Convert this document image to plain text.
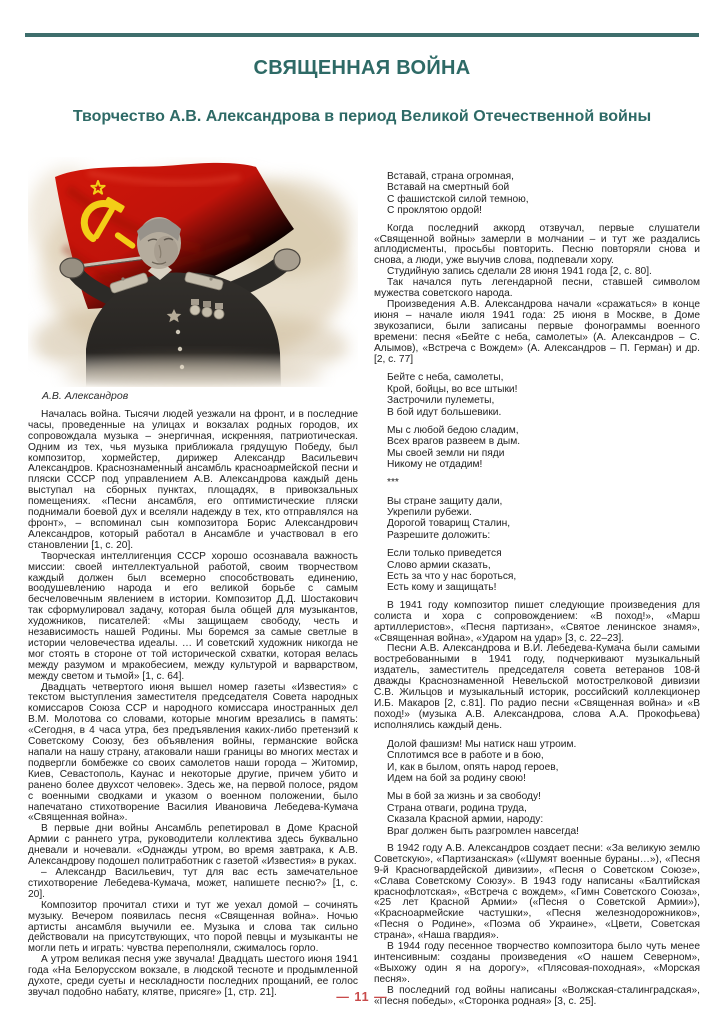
СВЯЩЕННАЯ ВОЙНА
Творчество А.В. Александрова в период Великой Отечественной войны
А.В. Александров

Началась война. Тысячи людей уезжали на фронт, и в последние часы, проведенные на улицах и вокзалах родных городов, их сопровождала музыка – энергичная, искренняя, патриотическая. Одним из тех, чья музыка приближала грядущую Победу, был композитор, хормейстер, дирижер Александр Васильевич Александров. Краснознаменный ансамбль красноармейской песни и пляски СССР под управлением А.В. Александрова каждый день выступал на сборных пунктах, площадях, в привокзальных помещениях. «Песни ансамбля, его оптимистические пляски поднимали боевой дух и вселяли надежду в тех, кто отправлялся на фронт», – вспоминал сын композитора Борис Александрович Александров, который работал в Ансамбле и участвовал в его становлении [1, с. 20].

Творческая интеллигенция СССР хорошо осознавала важность миссии: своей интеллектуальной работой, своим творчеством каждый должен был всемерно способствовать единению, воодушевлению народа и его великой борьбе с самым бесчеловечным явлением в истории. Композитор Д.Д. Шостакович так сформулировал задачу, которая была общей для музыкантов, художников, писателей: «Мы защищаем свободу, честь и независимость нашей Родины. Мы боремся за самые светлые в истории человечества идеалы. … И советский художник никогда не мог стоять в стороне от той исторической схватки, которая велась между разумом и мракобесием, между культурой и варварством, между светом и тьмой» [1, с. 64].

Двадцать четвертого июня вышел номер газеты «Известия» с текстом выступления заместителя председателя Совета народных комиссаров Союза ССР и народного комиссара иностранных дел В.М. Молотова со словами, которые многим врезались в память: «Сегодня, в 4 часа утра, без предъявления каких-либо претензий к Советскому Союзу, без объявления войны, германские войска напали на нашу страну, атаковали наши границы во многих местах и подвергли бомбежке со своих самолетов наши города – Житомир, Киев, Севастополь, Каунас и некоторые другие, причем убито и ранено более двухсот человек». Здесь же, на первой полосе, рядом с военными сводками и указом о военном положении, было напечатано стихотворение Василия Ивановича Лебедева-Кумача «Священная война».

В первые дни войны Ансамбль репетировал в Доме Красной Армии с раннего утра, руководители коллектива здесь буквально дневали и ночевали. «Однажды утром, во время завтрака, к А.В. Александрову подошел политработник с газетой «Известия» в руках.

– Александр Васильевич, тут для вас есть замечательное стихотворение Лебедева-Кумача, может, напишете песню?» [1, с. 20].

Композитор прочитал стихи и тут же уехал домой – сочинять музыку. Вечером появилась песня «Священная война». Ночью артисты ансамбля выучили ее. Музыка и слова так сильно действовали на присутствующих, что порой певцы и музыканты не могли петь и играть: чувства переполняли, сжималось горло.

А утром великая песня уже звучала! Двадцать шестого июня 1941 года «На Белорусском вокзале, в людской тесноте и продымленной духоте, среди суеты и нескладности последних прощаний, ее голос звучал подобно набату, клятве, присяге» [1, стр. 21].

Вставай, страна огромная,
Вставай на смертный бой
С фашистской силой темною,
С проклятою ордой!

Когда последний аккорд отзвучал, первые слушатели «Священной войны» замерли в молчании – и тут же раздались аплодисменты, просьбы повторить. Песню повторяли снова и снова, а люди, уже выучив слова, подпевали хору.

Студийную запись сделали 28 июня 1941 года [2, с. 80].

Так начался путь легендарной песни, ставшей символом мужества советского народа.

Произведения А.В. Александрова начали «сражаться» в конце июня – начале июля 1941 года: 25 июня в Москве, в Доме звукозаписи, были записаны первые фонограммы военного времени: песня «Бейте с неба, самолеты» (А. Александров – С. Алымов), «Встреча с Вождем» (А. Александров – П. Герман) и др. [2, с. 77]

Бейте с неба, самолеты,
Крой, бойцы, во все штыки!
Застрочили пулеметы,
В бой идут большевики.
Мы с любой бедою сладим,
Всех врагов развеем в дым.
Мы своей земли ни пяди
Никому не отдадим!
***
Вы стране защиту дали,
Укрепили рубежи.
Дорогой товарищ Сталин,
Разрешите доложить:
Если только приведется
Слово армии сказать,
Есть за что у нас бороться,
Есть кому и защищать!

В 1941 году композитор пишет следующие произведения для солиста и хора с сопровождением: «В поход!», «Марш артиллеристов», «Песня партизан», «Святое ленинское знамя», «Священная война», «Ударом на удар» [3, с. 22–23].

Песни А.В. Александрова и В.И. Лебедева-Кумача были самыми востребованными в 1941 году, подчеркивают музыкальный издатель, заместитель председателя совета ветеранов 108-й дважды Краснознаменной Невельской мотострелковой дивизии С.В. Жильцов и музыкальный историк, российский коллекционер И.Б. Макаров [2, с.81]. По радио песни «Священная война» и «В поход!» (музыка А.В. Александрова, слова А.А. Прокофьева) исполнялись каждый день.

Долой фашизм! Мы натиск наш утроим.
Сплотимся все в работе и в бою,
И, как в былом, опять народ героев,
Идем на бой за родину свою!
Мы в бой за жизнь и за свободу!
Страна отваги, родина труда,
Сказала Красной армии, народу:
Враг должен быть разгромлен навсегда!

В 1942 году А.В. Александров создает песни: «За великую землю Советскую», «Партизанская» («Шумят военные бураны…»), «Песня 9-й Красногвардейской дивизии», «Песня о Советском Союзе», «Слава Советскому Союзу». В 1943 году написаны «Балтийская краснофлотская», «Встреча с вождем», «Гимн Советского Союза», «25 лет Красной Армии» («Песня о Советской Армии»), «Красноармейские частушки», «Песня железнодорожников», «Песня о Родине», «Поэма об Украине», «Цвети, Советская страна», «Наша гвардия».

В 1944 году песенное творчество композитора было чуть менее интенсивным: созданы произведения «О нашем Северном», «Выхожу один я на дорогу», «Плясовая-походная», «Морская песня».

В последний год войны написаны «Волжская-сталинградская», «Песня победы», «Сторонка родная» [3, с. 25].

— 11 —
